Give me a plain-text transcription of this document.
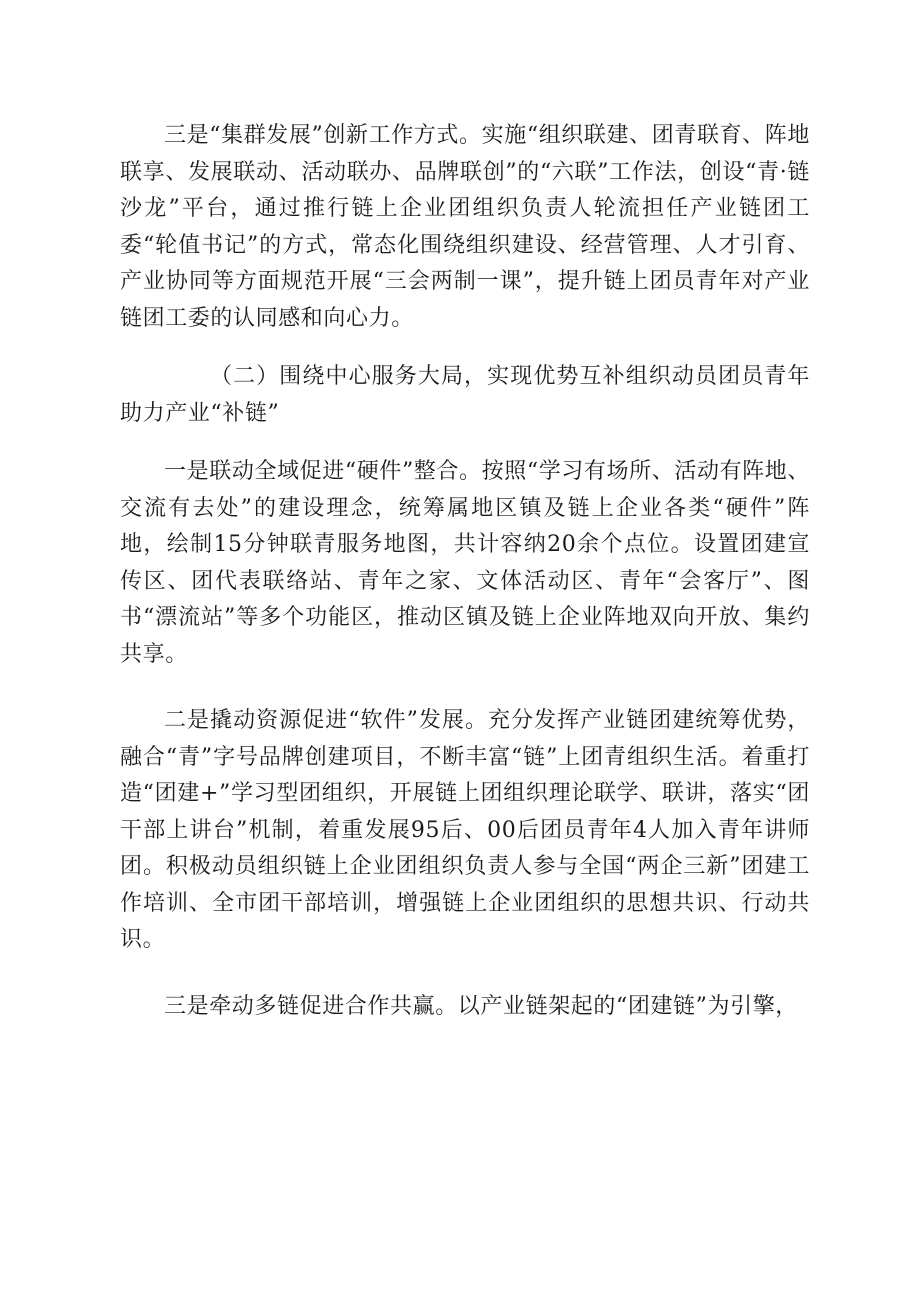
三是“集群发展”创新工作方式。实施“组织联建、团青联育、阵地联享、发展联动、活动联办、品牌联创”的“六联”工作法，创设“青·链沙龙”平台，通过推行链上企业团组织负责人轮流担任产业链团工委“轮值书记”的方式，常态化围绕组织建设、经营管理、人才引育、产业协同等方面规范开展“三会两制一课”，提升链上团员青年对产业链团工委的认同感和向心力。

（二）围绕中心服务大局，实现优势互补组织动员团员青年助力产业“补链”

一是联动全域促进“硬件”整合。按照“学习有场所、活动有阵地、交流有去处”的建设理念，统筹属地区镇及链上企业各类“硬件”阵地，绘制15分钟联青服务地图，共计容纳20余个点位。设置团建宣传区、团代表联络站、青年之家、文体活动区、青年“会客厅”、图书“漂流站”等多个功能区，推动区镇及链上企业阵地双向开放、集约共享。

二是撬动资源促进“软件”发展。充分发挥产业链团建统筹优势，融合“青”字号品牌创建项目，不断丰富“链”上团青组织生活。着重打造“团建+”学习型团组织，开展链上团组织理论联学、联讲，落实“团干部上讲台”机制，着重发展95后、00后团员青年4人加入青年讲师团。积极动员组织链上企业团组织负责人参与全国“两企三新”团建工作培训、全市团干部培训，增强链上企业团组织的思想共识、行动共识。

三是牵动多链促进合作共赢。以产业链架起的“团建链”为引擎，
